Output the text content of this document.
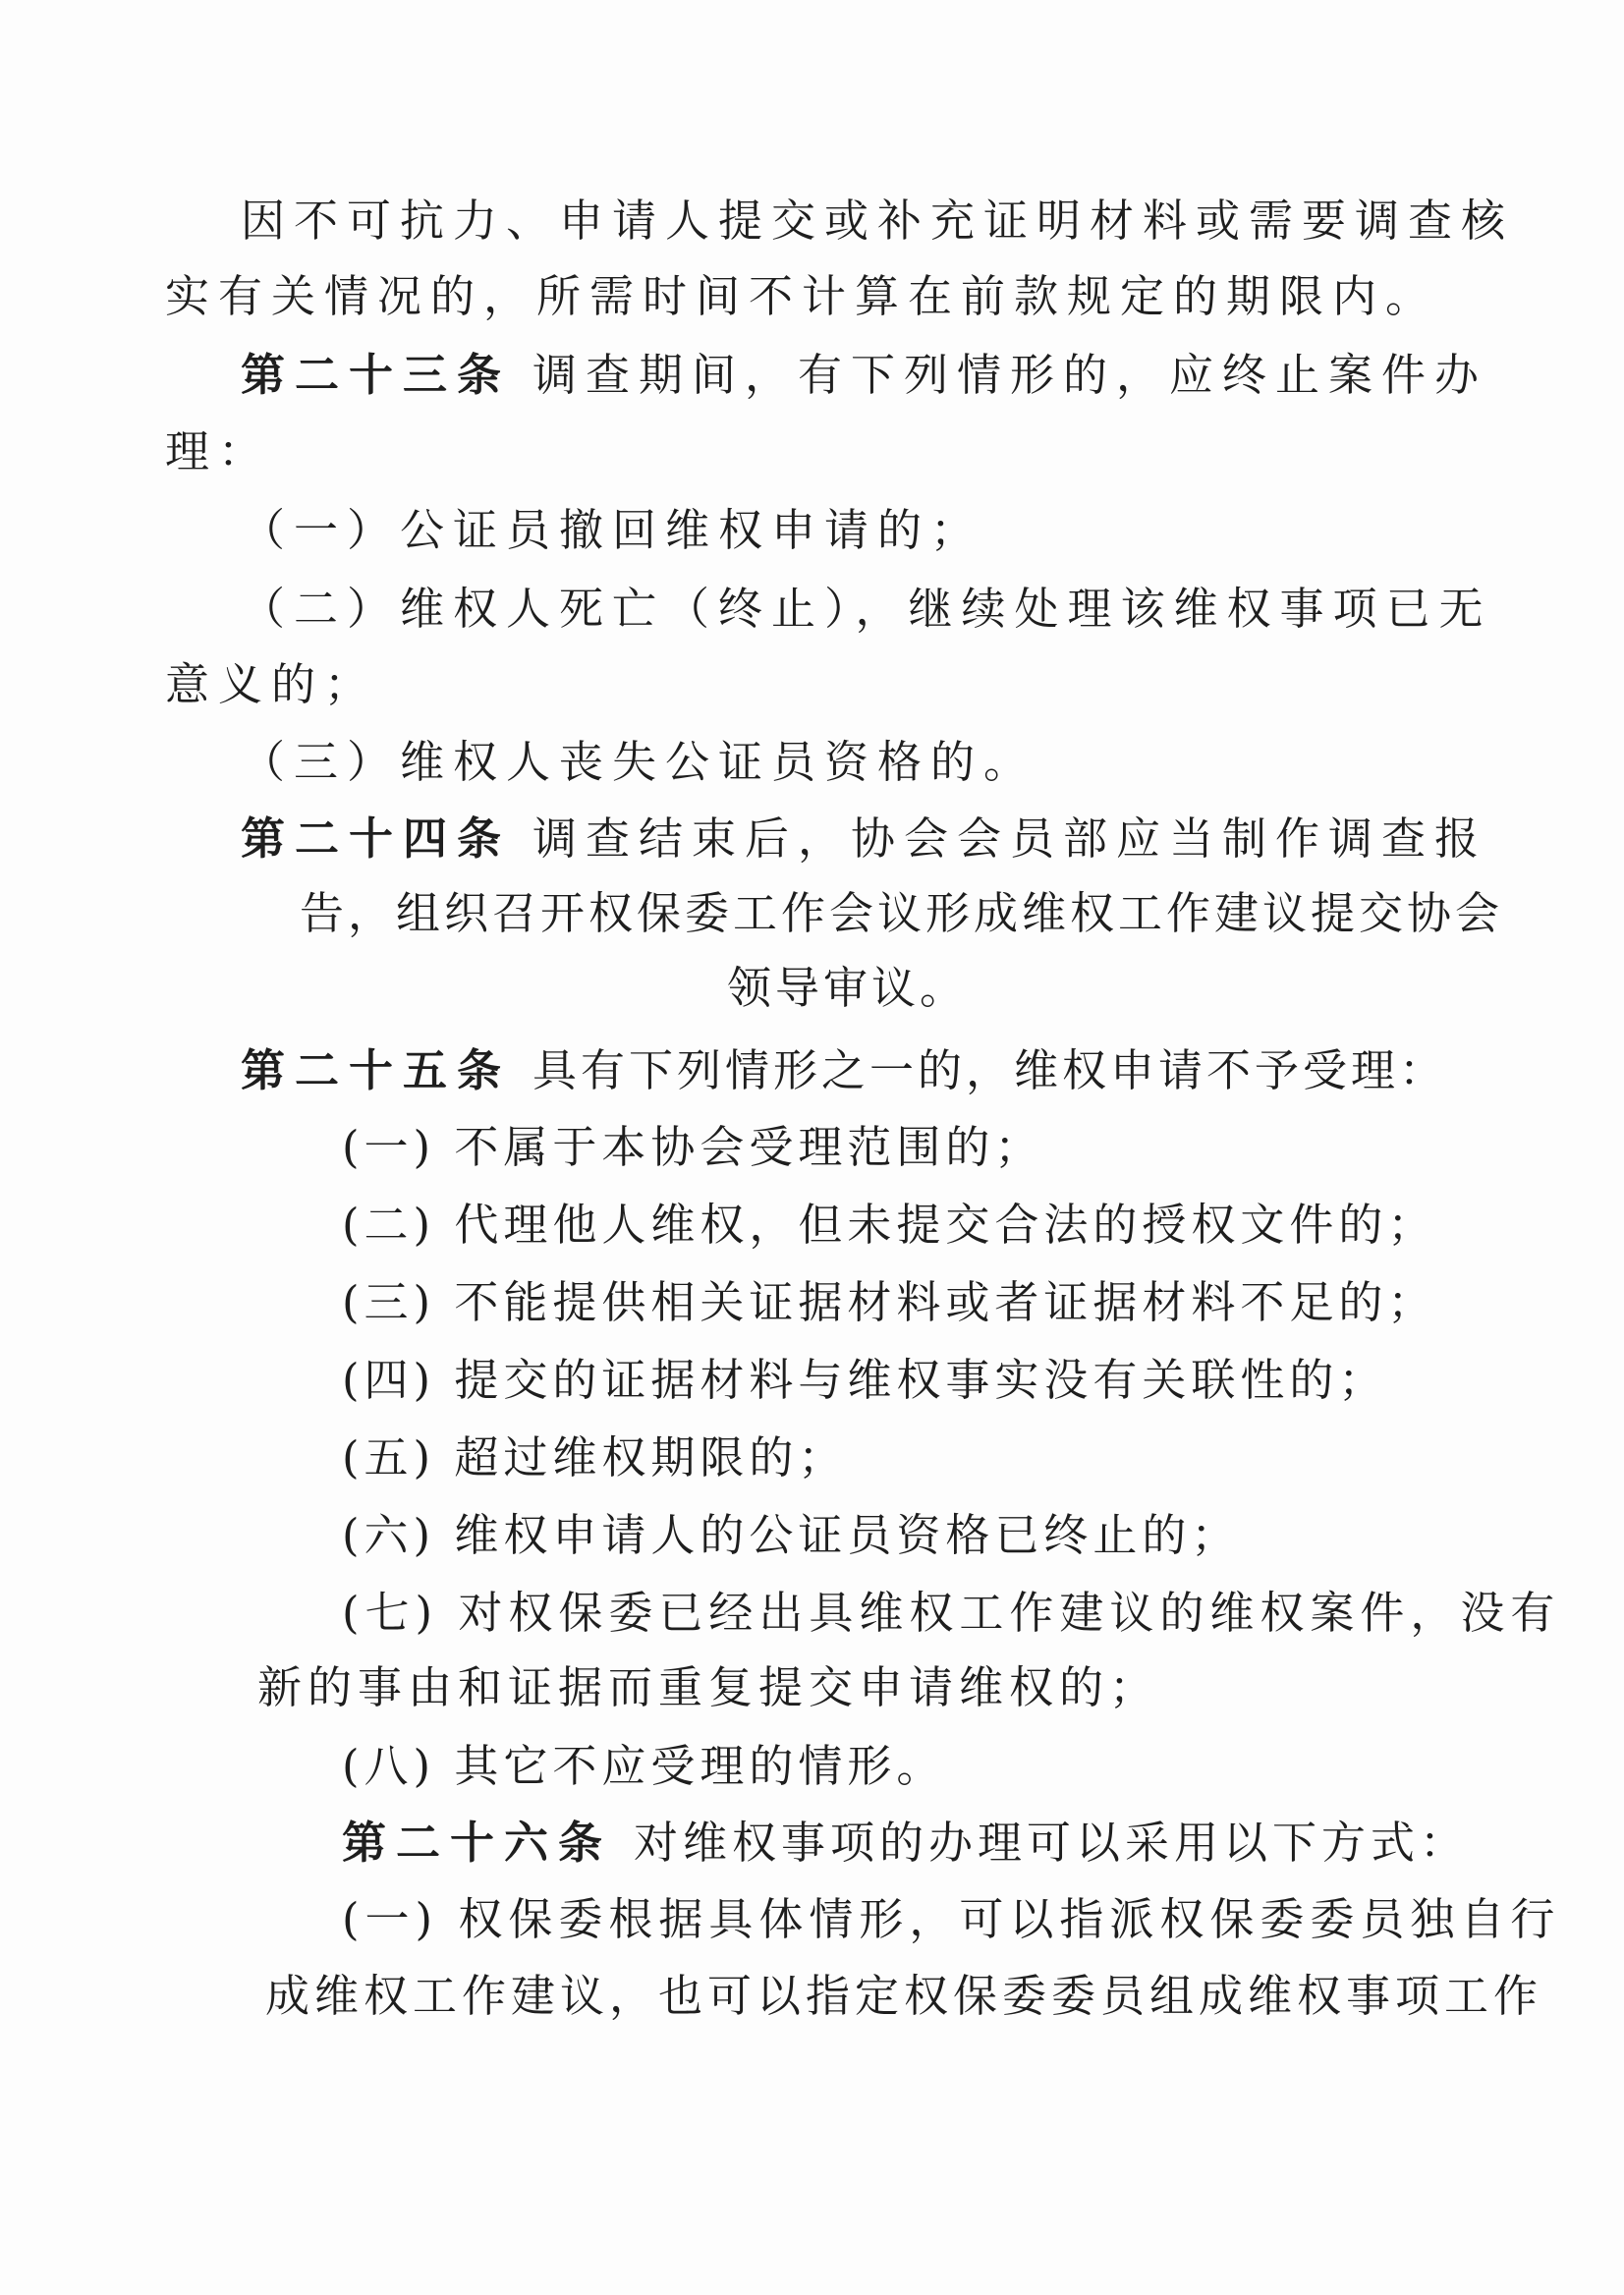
因不可抗力、申请人提交或补充证明材料或需要调查核
实有关情况的，所需时间不计算在前款规定的期限内。
第二十三条 调查期间，有下列情形的，应终止案件办
理：
（一）公证员撤回维权申请的；
（二）维权人死亡（终止），继续处理该维权事项已无
意义的；
（三）维权人丧失公证员资格的。
第二十四条 调查结束后，协会会员部应当制作调查报
告，组织召开权保委工作会议形成维权工作建议提交协会
领导审议。
第二十五条 具有下列情形之一的，维权申请不予受理：
(一) 不属于本协会受理范围的；
(二) 代理他人维权，但未提交合法的授权文件的；
(三) 不能提供相关证据材料或者证据材料不足的；
(四) 提交的证据材料与维权事实没有关联性的；
(五) 超过维权期限的；
(六) 维权申请人的公证员资格已终止的；
(七) 对权保委已经出具维权工作建议的维权案件，没有
新的事由和证据而重复提交申请维权的；
(八) 其它不应受理的情形。
第二十六条 对维权事项的办理可以采用以下方式：
(一) 权保委根据具体情形，可以指派权保委委员独自行
成维权工作建议，也可以指定权保委委员组成维权事项工作
